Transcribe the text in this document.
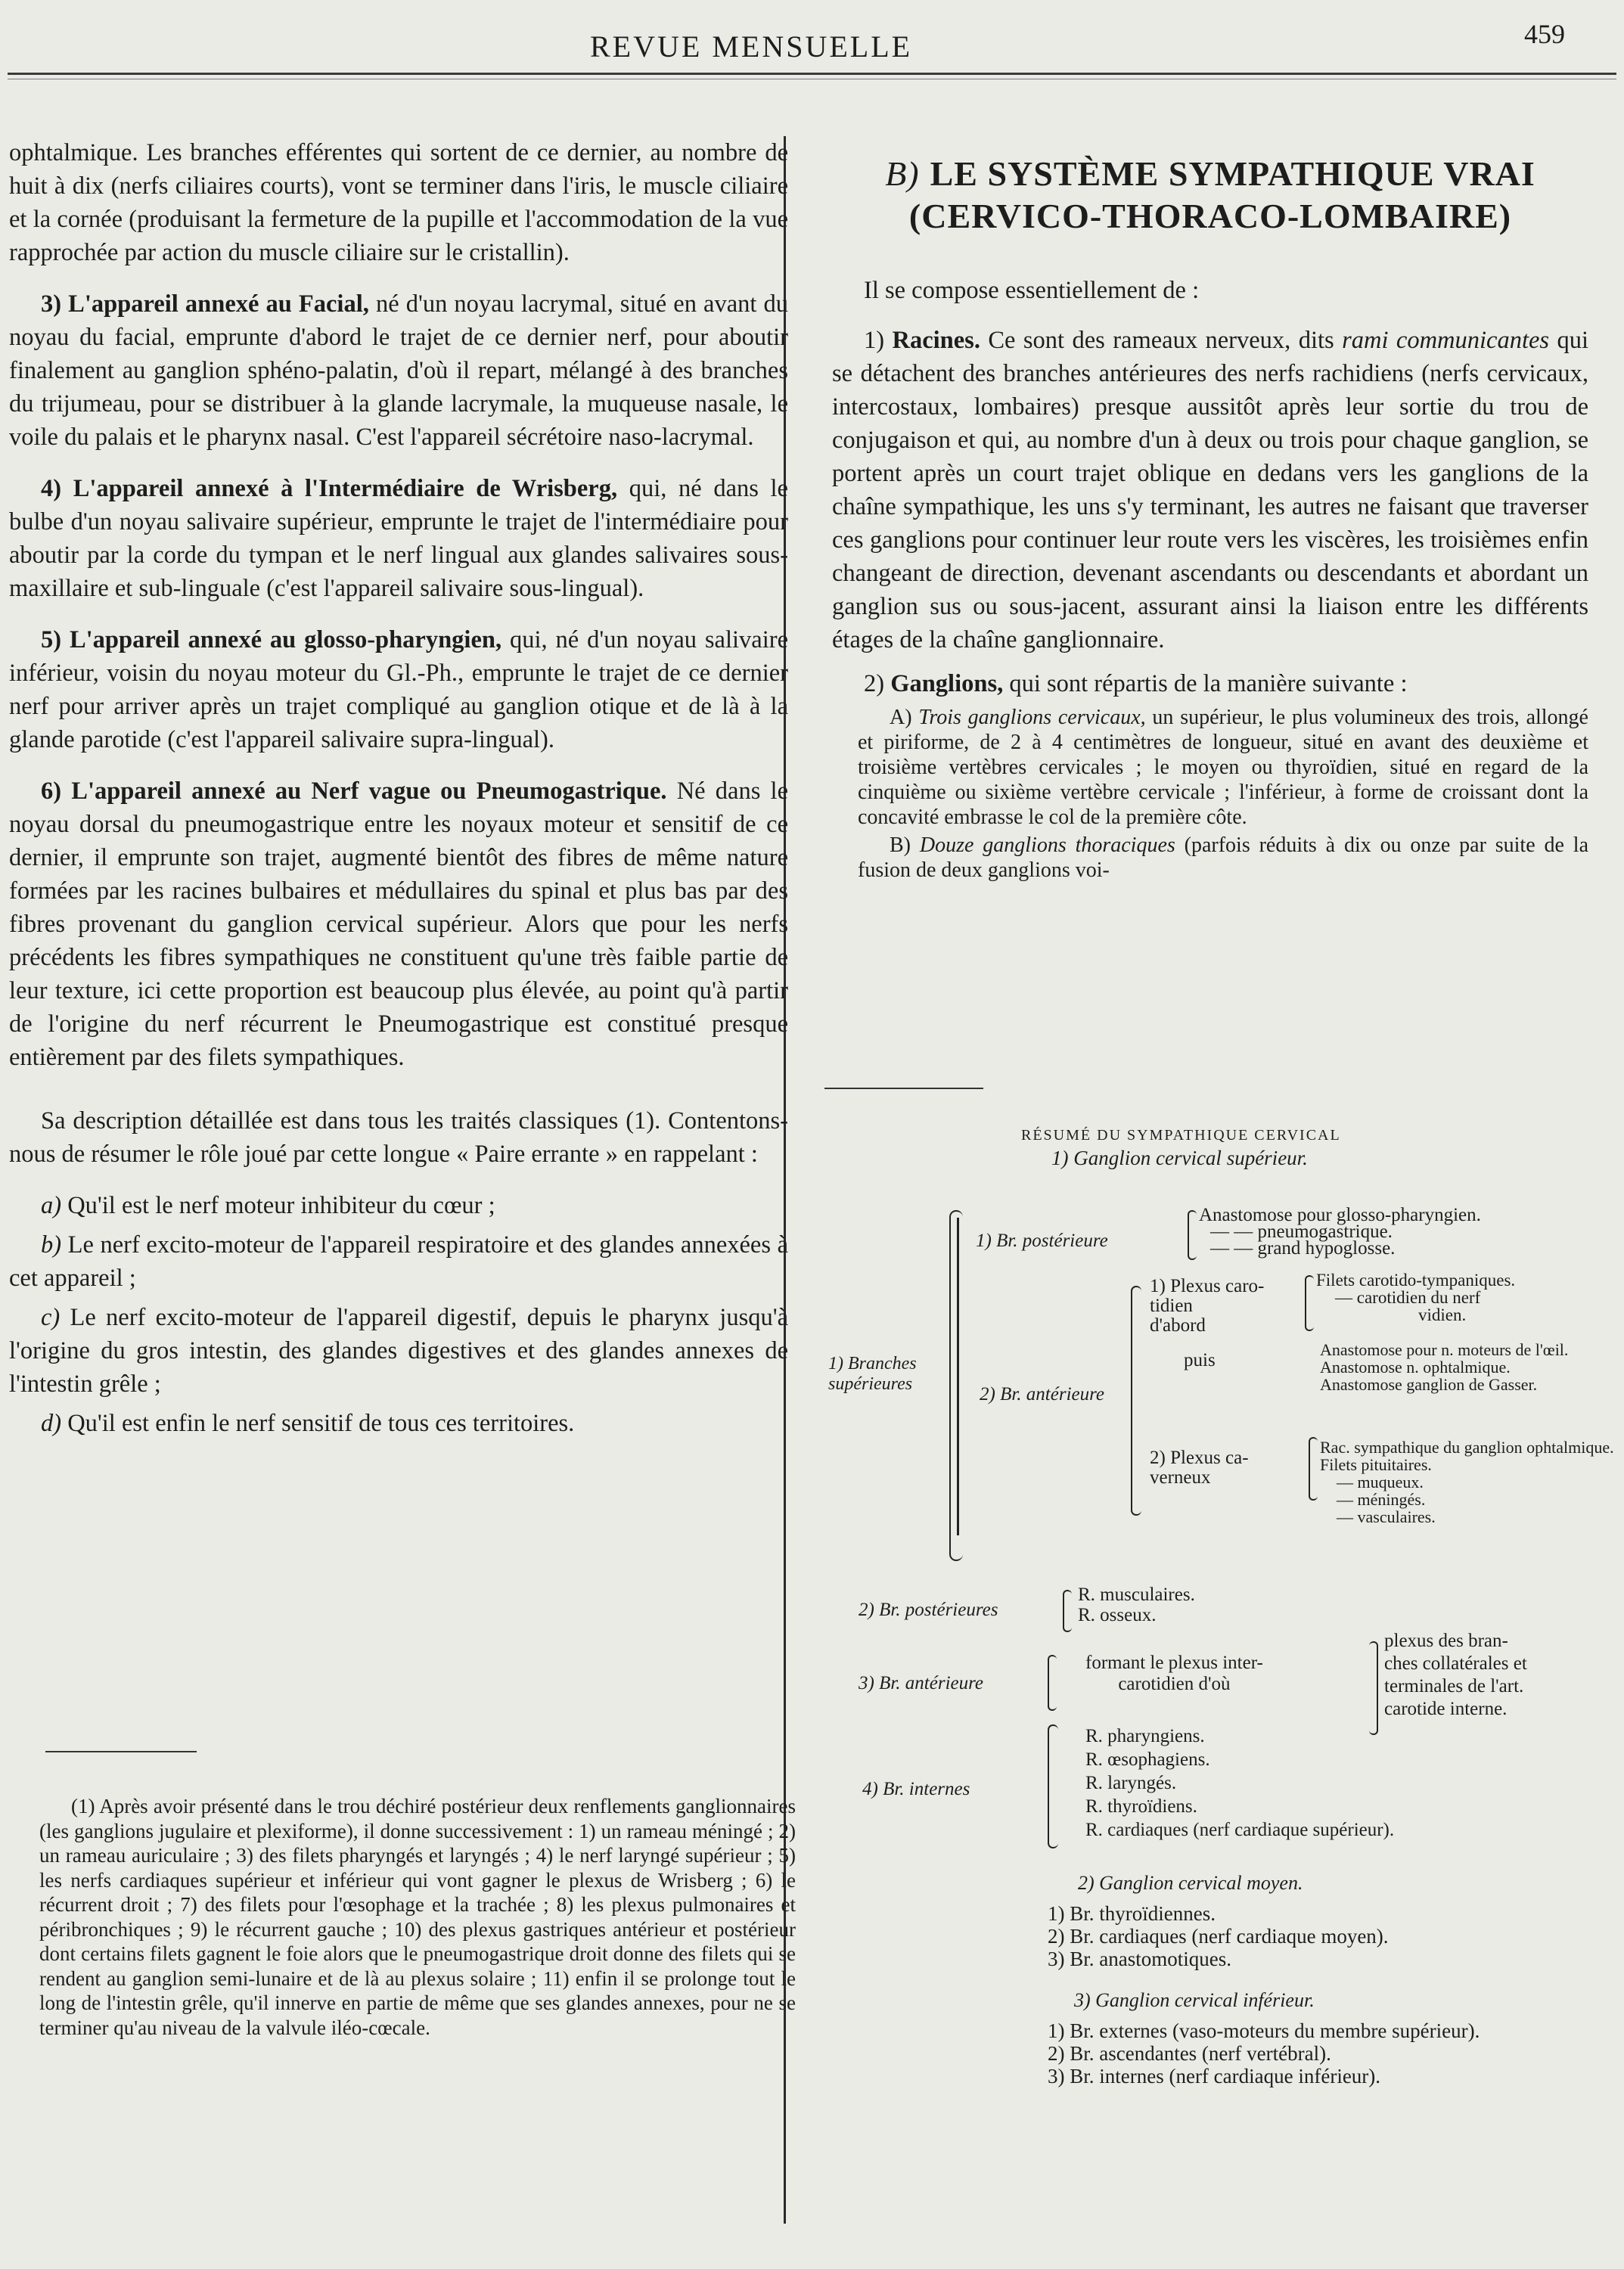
REVUE MENSUELLE	459

ophtalmique. Les branches efférentes qui sortent de ce dernier, au nombre de huit à dix (nerfs ciliaires courts), vont se terminer dans l'iris, le muscle ciliaire et la cornée (produisant la fermeture de la pupille et l'accommodation de la vue rapprochée par action du muscle ciliaire sur le cristallin).

3) L'appareil annexé au Facial, né d'un noyau lacrymal, situé en avant du noyau du facial, emprunte d'abord le trajet de ce dernier nerf, pour aboutir finalement au ganglion sphéno-palatin, d'où il repart, mélangé à des branches du trijumeau, pour se distribuer à la glande lacrymale, la muqueuse nasale, le voile du palais et le pharynx nasal. C'est l'appareil sécrétoire naso-lacrymal.

4) L'appareil annexé à l'Intermédiaire de Wrisberg, qui, né dans le bulbe d'un noyau salivaire supérieur, emprunte le trajet de l'intermédiaire pour aboutir par la corde du tympan et le nerf lingual aux glandes salivaires sous-maxillaire et sub-linguale (c'est l'appareil salivaire sous-lingual).

5) L'appareil annexé au glosso-pharyngien, qui, né d'un noyau salivaire inférieur, voisin du noyau moteur du Gl.-Ph., emprunte le trajet de ce dernier nerf pour arriver après un trajet compliqué au ganglion otique et de là à la glande parotide (c'est l'appareil salivaire supra-lingual).

6) L'appareil annexé au Nerf vague ou Pneumogastrique. Né dans le noyau dorsal du pneumogastrique entre les noyaux moteur et sensitif de ce dernier, il emprunte son trajet, augmenté bientôt des fibres de même nature formées par les racines bulbaires et médullaires du spinal et plus bas par des fibres provenant du ganglion cervical supérieur. Alors que pour les nerfs précédents les fibres sympathiques ne constituent qu'une très faible partie de leur texture, ici cette proportion est beaucoup plus élevée, au point qu'à partir de l'origine du nerf récurrent le Pneumogastrique est constitué presque entièrement par des filets sympathiques.

Sa description détaillée est dans tous les traités classiques (1). Contentons-nous de résumer le rôle joué par cette longue « Paire errante » en rappelant :

a) Qu'il est le nerf moteur inhibiteur du cœur ;

b) Le nerf excito-moteur de l'appareil respiratoire et des glandes annexées à cet appareil ;

c) Le nerf excito-moteur de l'appareil digestif, depuis le pharynx jusqu'à l'origine du gros intestin, des glandes digestives et des glandes annexes de l'intestin grêle ;

d) Qu'il est enfin le nerf sensitif de tous ces territoires.

(1) Après avoir présenté dans le trou déchiré postérieur deux renflements ganglionnaires (les ganglions jugulaire et plexiforme), il donne successivement : 1) un rameau méningé ; 2) un rameau auriculaire ; 3) des filets pharyngés et laryngés ; 4) le nerf laryngé supérieur ; 5) les nerfs cardiaques supérieur et inférieur qui vont gagner le plexus de Wrisberg ; 6) le récurrent droit ; 7) des filets pour l'œsophage et la trachée ; 8) les plexus pulmonaires et péribronchiques ; 9) le récurrent gauche ; 10) des plexus gastriques antérieur et postérieur dont certains filets gagnent le foie alors que le pneumogastrique droit donne des filets qui se rendent au ganglion semi-lunaire et de là au plexus solaire ; 11) enfin il se prolonge tout le long de l'intestin grêle, qu'il innerve en partie de même que ses glandes annexes, pour ne se terminer qu'au niveau de la valvule iléo-cœcale.

B) LE SYSTÈME SYMPATHIQUE VRAI
(CERVICO-THORACO-LOMBAIRE)

Il se compose essentiellement de :

1) Racines. Ce sont des rameaux nerveux, dits rami communicantes qui se détachent des branches antérieures des nerfs rachidiens (nerfs cervicaux, intercostaux, lombaires) presque aussitôt après leur sortie du trou de conjugaison et qui, au nombre d'un à deux ou trois pour chaque ganglion, se portent après un court trajet oblique en dedans vers les ganglions de la chaîne sympathique, les uns s'y terminant, les autres ne faisant que traverser ces ganglions pour continuer leur route vers les viscères, les troisièmes enfin changeant de direction, devenant ascendants ou descendants et abordant un ganglion sus ou sous-jacent, assurant ainsi la liaison entre les différents étages de la chaîne ganglionnaire.

2) Ganglions, qui sont répartis de la manière suivante :

A) Trois ganglions cervicaux, un supérieur, le plus volumineux des trois, allongé et piriforme, de 2 à 4 centimètres de longueur, situé en avant des deuxième et troisième vertèbres cervicales ; le moyen ou thyroïdien, situé en regard de la cinquième ou sixième vertèbre cervicale ; l'inférieur, à forme de croissant dont la concavité embrasse le col de la première côte.

B) Douze ganglions thoraciques (parfois réduits à dix ou onze par suite de la fusion de deux ganglions voi-

RÉSUMÉ DU SYMPATHIQUE CERVICAL
1) Ganglion cervical supérieur.
1) Branches
supérieures
1) Br. postérieure
Anastomose pour glosso-pharyngien.
— — pneumogastrique.
— — grand hypoglosse.
2) Br. antérieure
1) Plexus caro-
tidien
d'abord
Filets carotido-tympaniques.
— carotidien du nerf
vidien.
puis
Anastomose pour n. moteurs de l'œil.
Anastomose n. ophtalmique.
Anastomose ganglion de Gasser.
2) Plexus ca-
verneux
Rac. sympathique du ganglion ophtalmique.
Filets pituitaires.
— muqueux.
— méningés.
— vasculaires.
2) Br. postérieures
R. musculaires.
R. osseux.
3) Br. antérieure
formant le plexus inter-
carotidien d'où
plexus des bran-
ches collatérales et
terminales de l'art.
carotide interne.
4) Br. internes
R. pharyngiens.
R. œsophagiens.
R. laryngés.
R. thyroïdiens.
R. cardiaques (nerf cardiaque supérieur).
2) Ganglion cervical moyen.
1) Br. thyroïdiennes.
2) Br. cardiaques (nerf cardiaque moyen).
3) Br. anastomotiques.
3) Ganglion cervical inférieur.
1) Br. externes (vaso-moteurs du membre supérieur).
2) Br. ascendantes (nerf vertébral).
3) Br. internes (nerf cardiaque inférieur).
